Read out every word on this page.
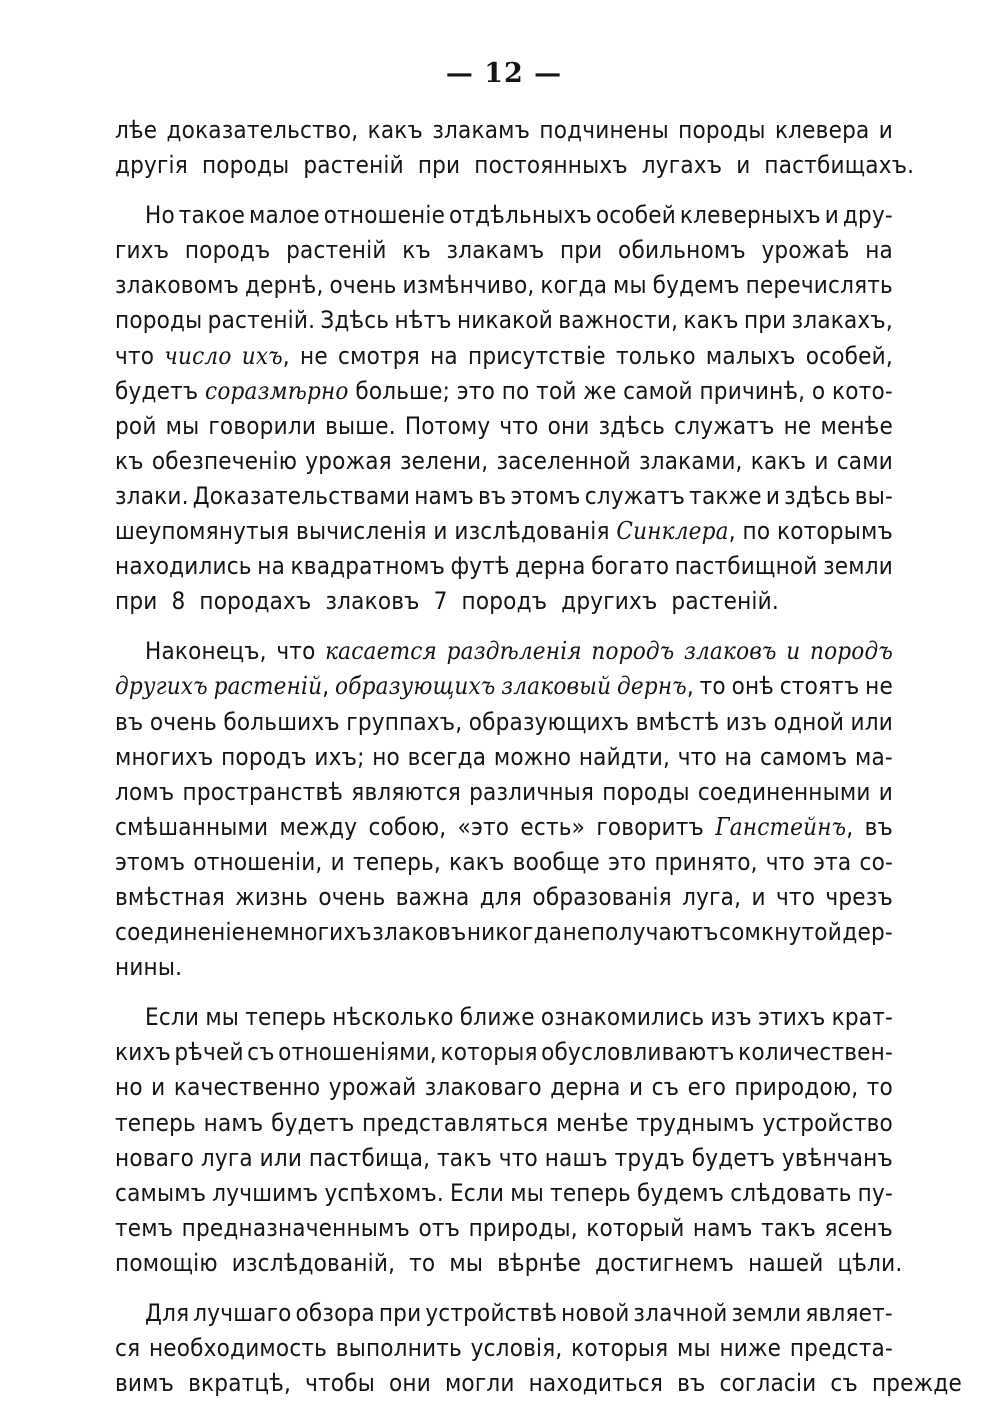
— 12 —
лѣе доказательство, какъ злакамъ подчинены породы клевера и
другія породы растеній при постоянныхъ лугахъ и пастбищахъ.
Но такое малое отношеніе отдѣльныхъ особей клеверныхъ и дру-
гихъ породъ растеній къ злакамъ при обильномъ урожаѣ на
злаковомъ дернѣ, очень измѣнчиво, когда мы будемъ перечислять
породы растеній. Здѣсь нѣтъ никакой важности, какъ при злакахъ,
что число ихъ, не смотря на присутствіе только малыхъ особей,
будетъ соразмѣрно больше; это по той же самой причинѣ, о кото-
рой мы говорили выше. Потому что они здѣсь служатъ не менѣе
къ обезпеченію урожая зелени, заселенной злаками, какъ и сами
злаки. Доказательствами намъ въ этомъ служатъ также и здѣсь вы-
шеупомянутыя вычисленія и изслѣдованія Синклера, по которымъ
находились на квадратномъ футѣ дерна богато пастбищной земли
при 8 породахъ злаковъ 7 породъ другихъ растеній.
Наконецъ, что касается раздѣленія породъ злаковъ и породъ
другихъ растеній, образующихъ злаковый дернъ, то онѣ стоятъ не
въ очень большихъ группахъ, образующихъ вмѣстѣ изъ одной или
многихъ породъ ихъ; но всегда можно найдти, что на самомъ ма-
ломъ пространствѣ являются различныя породы соединенными и
смѣшанными между собою, «это есть» говоритъ Ганстейнъ, въ
этомъ отношеніи, и теперь, какъ вообще это принято, что эта со-
вмѣстная жизнь очень важна для образованія луга, и что чрезъ
соединеніе немногихъ злаковъ никогда не получаютъ сомкнутой дер-
нины.
Если мы теперь нѣсколько ближе ознакомились изъ этихъ крат-
кихъ рѣчей съ отношеніями, которыя обусловливаютъ количествен-
но и качественно урожай злаковаго дерна и съ его природою, то
теперь намъ будетъ представляться менѣе труднымъ устройство
новаго луга или пастбища, такъ что нашъ трудъ будетъ увѣнчанъ
самымъ лучшимъ успѣхомъ. Если мы теперь будемъ слѣдовать пу-
темъ предназначеннымъ отъ природы, который намъ такъ ясенъ
помощію изслѣдованій, то мы вѣрнѣе достигнемъ нашей цѣли.
Для лучшаго обзора при устройствѣ новой злачной земли являет-
ся необходимость выполнить условія, которыя мы ниже предста-
вимъ вкратцѣ, чтобы они могли находиться въ согласіи съ прежде
